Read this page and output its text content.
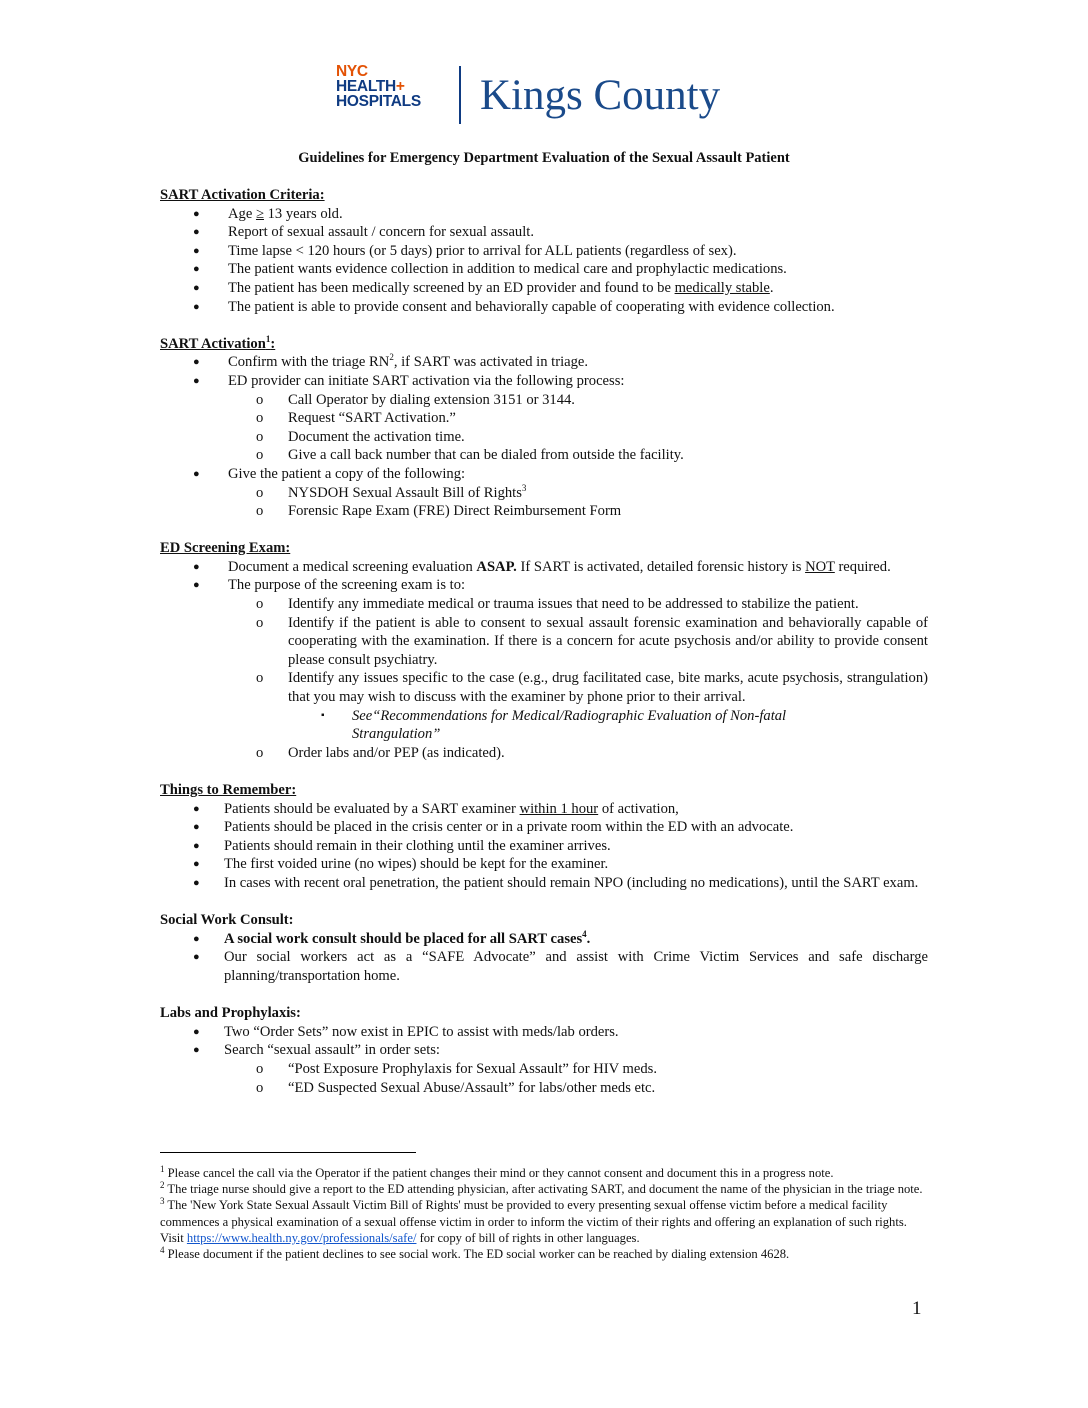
NYC
HEALTH+
HOSPITALS	Kings County
Guidelines for Emergency Department Evaluation of the Sexual Assault Patient

SART Activation Criteria:

● Age ≥ 13 years old.
● Report of sexual assault / concern for sexual assault.
● Time lapse < 120 hours (or 5 days) prior to arrival for ALL patients (regardless of sex).
● The patient wants evidence collection in addition to medical care and prophylactic medications.
● The patient has been medically screened by an ED provider and found to be medically stable.
● The patient is able to provide consent and behaviorally capable of cooperating with evidence collection.

SART Activation$^1$:

● Confirm with the triage $RN^2$, if SART was activated in triage.
● ED provider can initiate SART activation via the following process:
o Call Operator by dialing extension 3151 or 3144.
o Request “SART Activation.”
o Document the activation time.
o Give a call back number that can be dialed from outside the facility.
● Give the patient a copy of the following:
o NYSDOH Sexual Assault Bill of Rights$^3$
o Forensic Rape Exam (FRE) Direct Reimbursement Form

ED Screening Exam:

● Document a medical screening evaluation ASAP. If SART is activated, detailed forensic history is NOT required.
● The purpose of the screening exam is to:
o Identify any immediate medical or trauma issues that need to be addressed to stabilize the patient.
o Identify if the patient is able to consent to sexual assault forensic examination and behaviorally capable of cooperating with the examination. If there is a concern for acute psychosis and/or ability to provide consent please consult psychiatry.
o Identify any issues specific to the case (e.g., drug facilitated case, bite marks, acute psychosis, strangulation) that you may wish to discuss with the examiner by phone prior to their arrival.
▪ See“Recommendations for Medical/Radiographic Evaluation of Non-fatal Strangulation”
o Order labs and/or PEP (as indicated).

Things to Remember:

● Patients should be evaluated by a SART examiner within 1 hour of activation,
● Patients should be placed in the crisis center or in a private room within the ED with an advocate.
● Patients should remain in their clothing until the examiner arrives.
● The first voided urine (no wipes) should be kept for the examiner.
● In cases with recent oral penetration, the patient should remain NPO (including no medications), until the SART exam.

Social Work Consult:

● A social work consult should be placed for all SART cases$^4$.
● Our social workers act as a “SAFE Advocate” and assist with Crime Victim Services and safe discharge planning/transportation home.

Labs and Prophylaxis:

● Two “Order Sets” now exist in EPIC to assist with meds/lab orders.
● Search “sexual assault” in order sets:
o “Post Exposure Prophylaxis for Sexual Assault” for HIV meds.
o “ED Suspected Sexual Abuse/Assault” for labs/other meds etc.

$^1$ Please cancel the call via the Operator if the patient changes their mind or they cannot consent and document this in a progress note.

$^2$ The triage nurse should give a report to the ED attending physician, after activating SART, and document the name of the physician in the triage note.

$^3$ The 'New York State Sexual Assault Victim Bill of Rights' must be provided to every presenting sexual offense victim before a medical facility commences a physical examination of a sexual offense victim in order to inform the victim of their rights and offering an explanation of such rights. Visit https://www.health.ny.gov/professionals/safe/ for copy of bill of rights in other languages.

$^4$ Please document if the patient declines to see social work. The ED social worker can be reached by dialing extension 4628.

1
